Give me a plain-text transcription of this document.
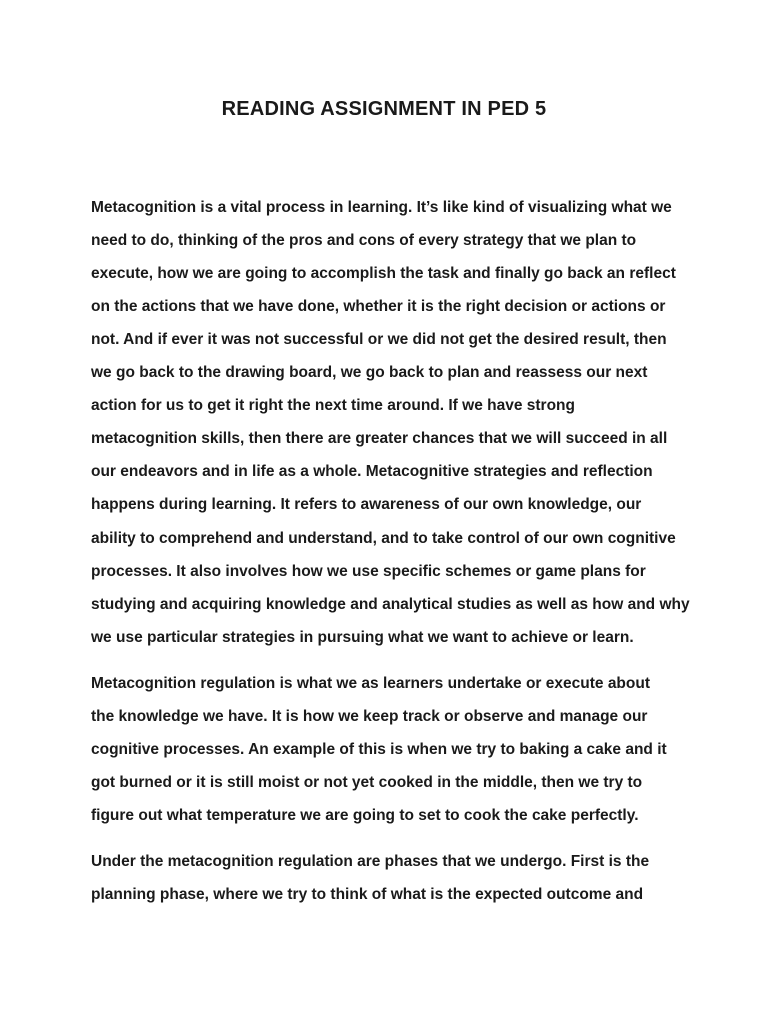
READING ASSIGNMENT IN PED 5

Metacognition is a vital process in learning. It’s like kind of visualizing what we

need to do, thinking of the pros and cons of every strategy that we plan to

execute, how we are going to accomplish the task and finally go back an reflect

on the actions that we have done, whether it is the right decision or actions or

not. And if ever it was not successful or we did not get the desired result, then

we go back to the drawing board, we go back to plan and reassess our next

action for us to get it right the next time around. If we have strong

metacognition skills, then there are greater chances that we will succeed in all

our endeavors and in life as a whole. Metacognitive strategies and reflection

happens during learning. It refers to awareness of our own knowledge, our

ability to comprehend and understand, and to take control of our own cognitive

processes. It also involves how we use specific schemes or game plans for

studying and acquiring knowledge and analytical studies as well as how and why

we use particular strategies in pursuing what we want to achieve or learn.

Metacognition regulation is what we as learners undertake or execute about

the knowledge we have. It is how we keep track or observe and manage our

cognitive processes. An example of this is when we try to baking a cake and it

got burned or it is still moist or not yet cooked in the middle, then we try to

figure out what temperature we are going to set to cook the cake perfectly.

Under the metacognition regulation are phases that we undergo. First is the

planning phase, where we try to think of what is the expected outcome and
